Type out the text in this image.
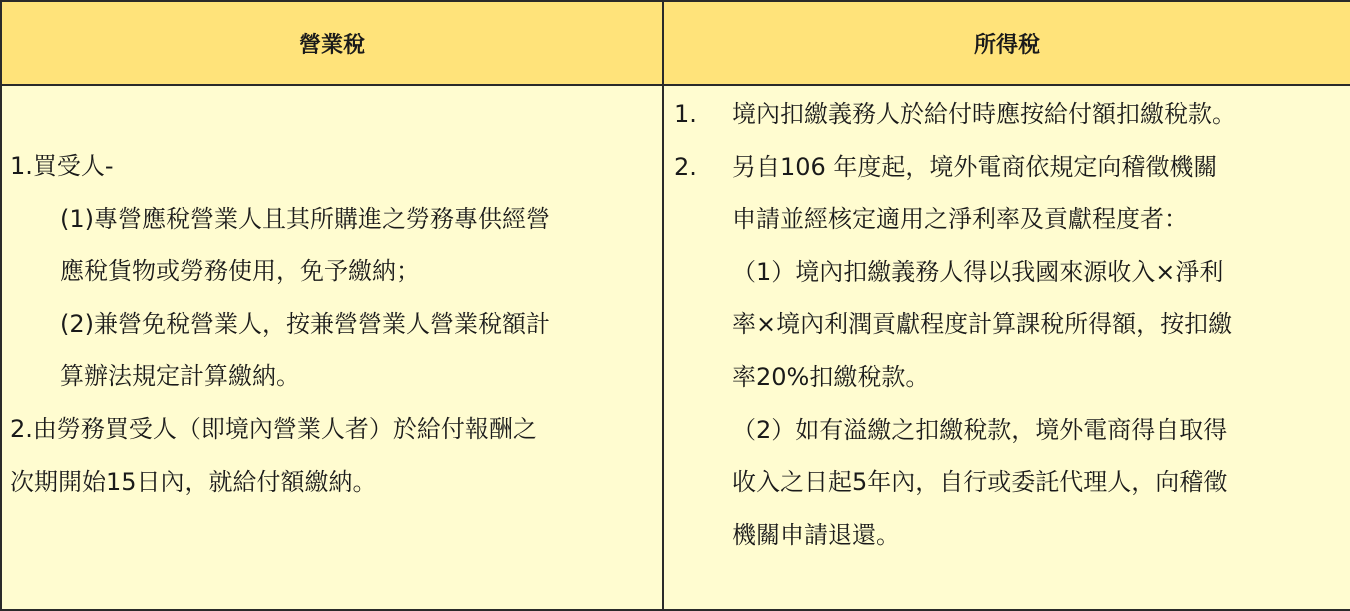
營業稅	所得稅
1.買受人-
(1)專營應稅營業人且其所購進之勞務專供經營
應稅貨物或勞務使用，免予繳納；
(2)兼營免稅營業人，按兼營營業人營業稅額計
算辦法規定計算繳納。
2.由勞務買受人（即境內營業人者）於給付報酬之
次期開始15日內，就給付額繳納。
1. 境內扣繳義務人於給付時應按給付額扣繳稅款。
2. 另自106 年度起，境外電商依規定向稽徵機關
申請並經核定適用之淨利率及貢獻程度者：
（1）境內扣繳義務人得以我國來源收入×淨利
率×境內利潤貢獻程度計算課稅所得額，按扣繳
率20%扣繳稅款。
（2）如有溢繳之扣繳稅款，境外電商得自取得
收入之日起5年內，自行或委託代理人，向稽徵
機關申請退還。
